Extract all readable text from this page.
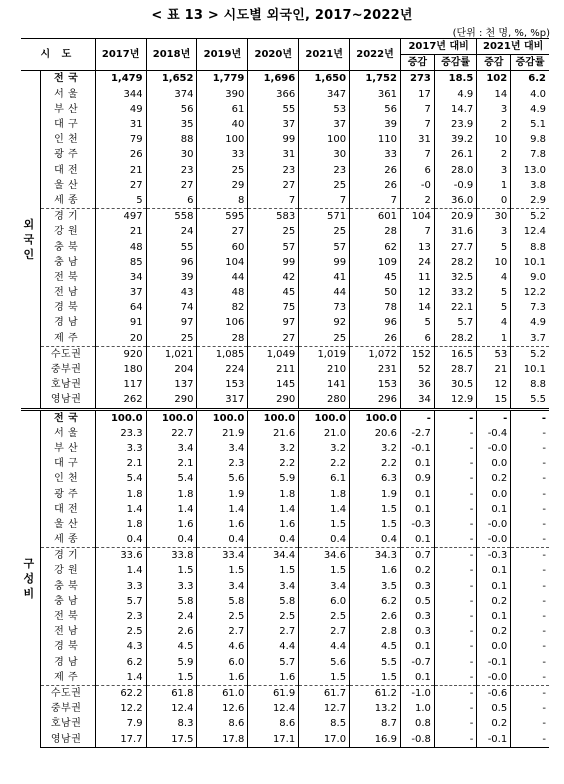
< 표 13 > 시도별 외국인, 2017~2022년
(단위 : 천 명, %, %p)
시 도		2017년	2018년	2019년	2020년	2021년	2022년	2017년 대비		2021년 대비	
								증감	증감률	증감	증감률
외
국
인	전 국	1,479	1,652	1,779	1,696	1,650	1,752	273	18.5	102	6.2
	서 울	344	374	390	366	347	361	17	4.9	14	4.0
	부 산	49	56	61	55	53	56	7	14.7	3	4.9
	대 구	31	35	40	37	37	39	7	23.9	2	5.1
	인 천	79	88	100	99	100	110	31	39.2	10	9.8
	광 주	26	30	33	31	30	33	7	26.1	2	7.8
	대 전	21	23	25	23	23	26	6	28.0	3	13.0
	울 산	27	27	29	27	25	26	-0	-0.9	1	3.8
	세 종	5	6	8	7	7	7	2	36.0	0	2.9
	경 기	497	558	595	583	571	601	104	20.9	30	5.2
	강 원	21	24	27	25	25	28	7	31.6	3	12.4
	충 북	48	55	60	57	57	62	13	27.7	5	8.8
	충 남	85	96	104	99	99	109	24	28.2	10	10.1
	전 북	34	39	44	42	41	45	11	32.5	4	9.0
	전 남	37	43	48	45	44	50	12	33.2	5	12.2
	경 북	64	74	82	75	73	78	14	22.1	5	7.3
	경 남	91	97	106	97	92	96	5	5.7	4	4.9
	제 주	20	25	28	27	25	26	6	28.2	1	3.7
	수도권	920	1,021	1,085	1,049	1,019	1,072	152	16.5	53	5.2
	중부권	180	204	224	211	210	231	52	28.7	21	10.1
	호남권	117	137	153	145	141	153	36	30.5	12	8.8
	영남권	262	290	317	290	280	296	34	12.9	15	5.5
구
성
비	전 국	100.0	100.0	100.0	100.0	100.0	100.0	-	-	-	-
	서 울	23.3	22.7	21.9	21.6	21.0	20.6	-2.7	-	-0.4	-
	부 산	3.3	3.4	3.4	3.2	3.2	3.2	-0.1	-	-0.0	-
	대 구	2.1	2.1	2.3	2.2	2.2	2.2	0.1	-	0.0	-
	인 천	5.4	5.4	5.6	5.9	6.1	6.3	0.9	-	0.2	-
	광 주	1.8	1.8	1.9	1.8	1.8	1.9	0.1	-	0.0	-
	대 전	1.4	1.4	1.4	1.4	1.4	1.5	0.1	-	0.1	-
	울 산	1.8	1.6	1.6	1.6	1.5	1.5	-0.3	-	-0.0	-
	세 종	0.4	0.4	0.4	0.4	0.4	0.4	0.1	-	-0.0	-
	경 기	33.6	33.8	33.4	34.4	34.6	34.3	0.7	-	-0.3	-
	강 원	1.4	1.5	1.5	1.5	1.5	1.6	0.2	-	0.1	-
	충 북	3.3	3.3	3.4	3.4	3.4	3.5	0.3	-	0.1	-
	충 남	5.7	5.8	5.8	5.8	6.0	6.2	0.5	-	0.2	-
	전 북	2.3	2.4	2.5	2.5	2.5	2.6	0.3	-	0.1	-
	전 남	2.5	2.6	2.7	2.7	2.7	2.8	0.3	-	0.2	-
	경 북	4.3	4.5	4.6	4.4	4.4	4.5	0.1	-	0.0	-
	경 남	6.2	5.9	6.0	5.7	5.6	5.5	-0.7	-	-0.1	-
	제 주	1.4	1.5	1.6	1.6	1.5	1.5	0.1	-	-0.0	-
	수도권	62.2	61.8	61.0	61.9	61.7	61.2	-1.0	-	-0.6	-
	중부권	12.2	12.4	12.6	12.4	12.7	13.2	1.0	-	0.5	-
	호남권	7.9	8.3	8.6	8.6	8.5	8.7	0.8	-	0.2	-
	영남권	17.7	17.5	17.8	17.1	17.0	16.9	-0.8	-	-0.1	-
